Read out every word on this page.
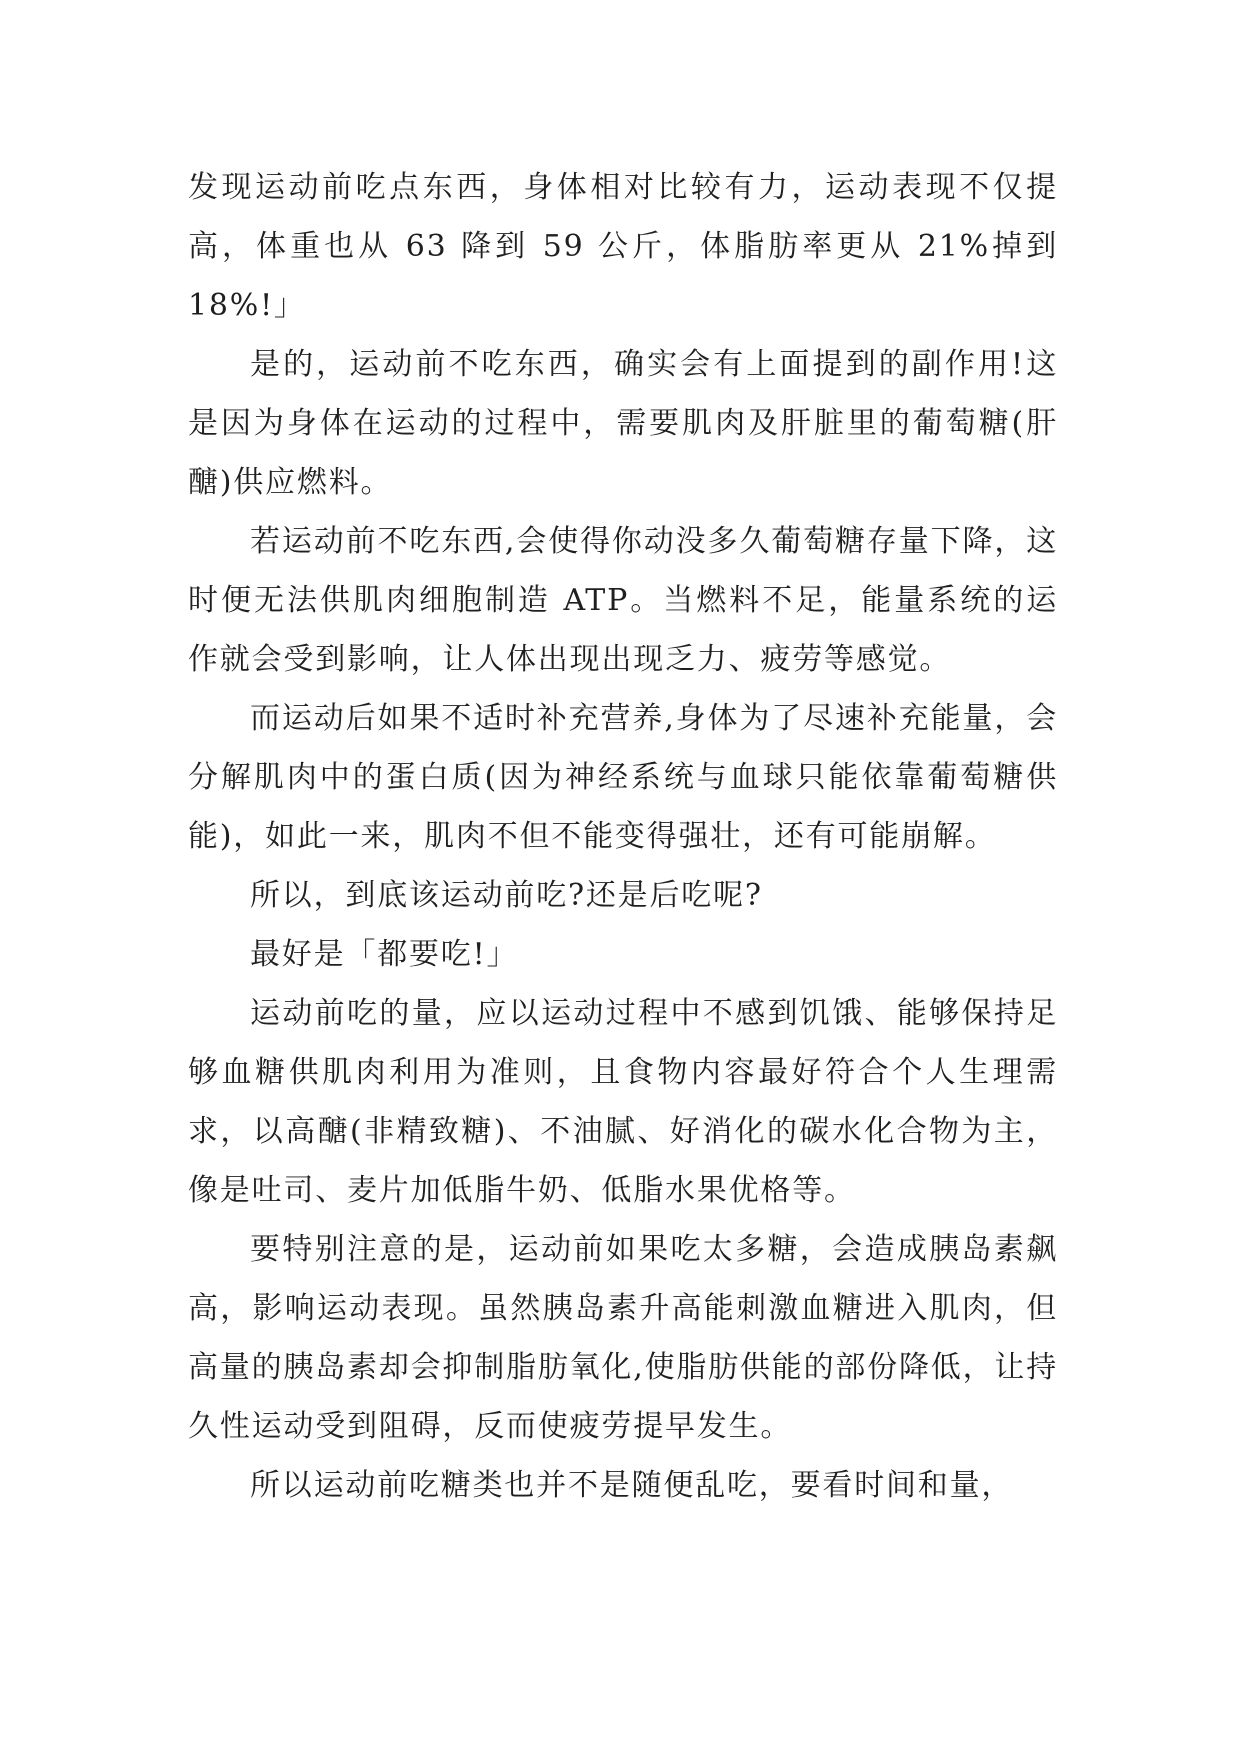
发现运动前吃点东西，身体相对比较有力，运动表现不仅提高，体重也从 63 降到 59 公斤，体脂肪率更从 21%掉到 18%!」

是的，运动前不吃东西，确实会有上面提到的副作用!这是因为身体在运动的过程中，需要肌肉及肝脏里的葡萄糖(肝醣)供应燃料。

若运动前不吃东西,会使得你动没多久葡萄糖存量下降，这时便无法供肌肉细胞制造 ATP。当燃料不足，能量系统的运作就会受到影响，让人体出现出现乏力、疲劳等感觉。

而运动后如果不适时补充营养,身体为了尽速补充能量，会分解肌肉中的蛋白质(因为神经系统与血球只能依靠葡萄糖供能)，如此一来，肌肉不但不能变得强壮，还有可能崩解。

所以，到底该运动前吃?还是后吃呢?

最好是「都要吃!」

运动前吃的量，应以运动过程中不感到饥饿、能够保持足够血糖供肌肉利用为准则，且食物内容最好符合个人生理需求，以高醣(非精致糖)、不油腻、好消化的碳水化合物为主，像是吐司、麦片加低脂牛奶、低脂水果优格等。

要特别注意的是，运动前如果吃太多糖，会造成胰岛素飙高，影响运动表现。虽然胰岛素升高能刺激血糖进入肌肉，但高量的胰岛素却会抑制脂肪氧化,使脂肪供能的部份降低，让持久性运动受到阻碍，反而使疲劳提早发生。

所以运动前吃糖类也并不是随便乱吃，要看时间和量，
